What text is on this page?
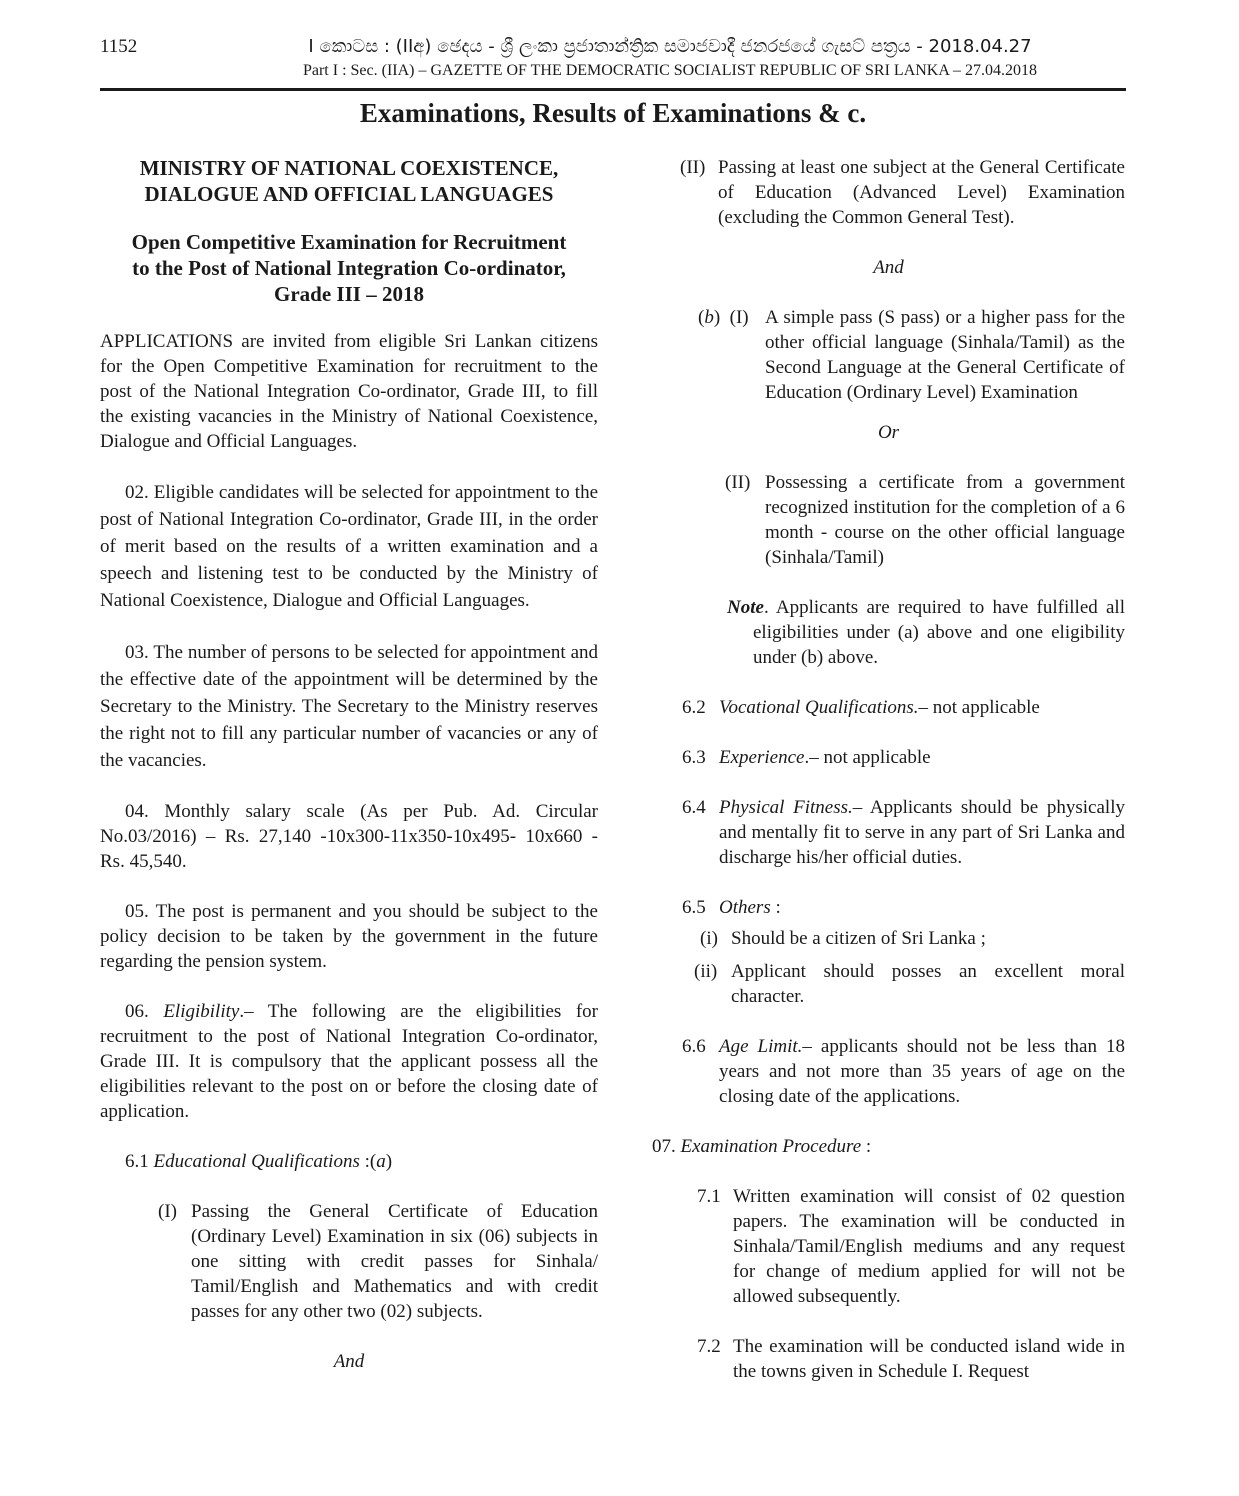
1152	I කොටස : (IIඅ) ඡෙදය - ශ්‍රී ලංකා ප්‍රජාතාන්ත්‍රික සමාජවාදී ජනරජයේ ගැසට් පත්‍රය - 2018.04.27
Part I : Sec. (IIA) – GAZETTE OF THE DEMOCRATIC SOCIALIST REPUBLIC OF SRI LANKA – 27.04.2018
Examinations, Results of Examinations & c.
MINISTRY OF NATIONAL COEXISTENCE,
DIALOGUE AND OFFICIAL LANGUAGES
Open Competitive Examination for Recruitment
to the Post of National Integration Co-ordinator,
Grade III – 2018

APPLICATIONS are invited from eligible Sri Lankan citizens for the Open Competitive Examination for recruitment to the post of the National Integration Co-ordinator, Grade III, to fill the existing vacancies in the Ministry of National Coexistence, Dialogue and Official Languages.

02. Eligible candidates will be selected for appointment to the post of National Integration Co-ordinator, Grade III, in the order of merit based on the results of a written examination and a speech and listening test to be conducted by the Ministry of National Coexistence, Dialogue and Official Languages.

03. The number of persons to be selected for appointment and the effective date of the appointment will be determined by the Secretary to the Ministry. The Secretary to the Ministry reserves the right not to fill any particular number of vacancies or any of the vacancies.

04. Monthly salary scale (As per Pub. Ad. Circular No.03/2016) – Rs. 27,140 -10x300-11x350-10x495- 10x660 - Rs. 45,540.

05. The post is permanent and you should be subject to the policy decision to be taken by the government in the future regarding the pension system.

06. Eligibility.– The following are the eligibilities for recruitment to the post of National Integration Co-ordinator, Grade III. It is compulsory that the applicant possess all the eligibilities relevant to the post on or before the closing date of application.

6.1 Educational Qualifications :(a)

(I) Passing the General Certificate of Education (Ordinary Level) Examination in six (06) subjects in one sitting with credit passes for Sinhala/ Tamil/English and Mathematics and with credit passes for any other two (02) subjects.

And

(II) Passing at least one subject at the General Certificate of Education (Advanced Level) Examination (excluding the Common General Test).

And

(b) (I) A simple pass (S pass) or a higher pass for the other official language (Sinhala/Tamil) as the Second Language at the General Certificate of Education (Ordinary Level) Examination

Or

(II) Possessing a certificate from a government recognized institution for the completion of a 6 month - course on the other official language (Sinhala/Tamil)

Note. Applicants are required to have fulfilled all eligibilities under (a) above and one eligibility under (b) above.

6.2 Vocational Qualifications.– not applicable
6.3 Experience.– not applicable
6.4 Physical Fitness.– Applicants should be physically and mentally fit to serve in any part of Sri Lanka and discharge his/her official duties.
6.5 Others :
(i) Should be a citizen of Sri Lanka ;
(ii) Applicant should posses an excellent moral character.
6.6 Age Limit.– applicants should not be less than 18 years and not more than 35 years of age on the closing date of the applications.

07. Examination Procedure :

7.1 Written examination will consist of 02 question papers. The examination will be conducted in Sinhala/Tamil/English mediums and any request for change of medium applied for will not be allowed subsequently.
7.2 The examination will be conducted island wide in the towns given in Schedule I. Request
